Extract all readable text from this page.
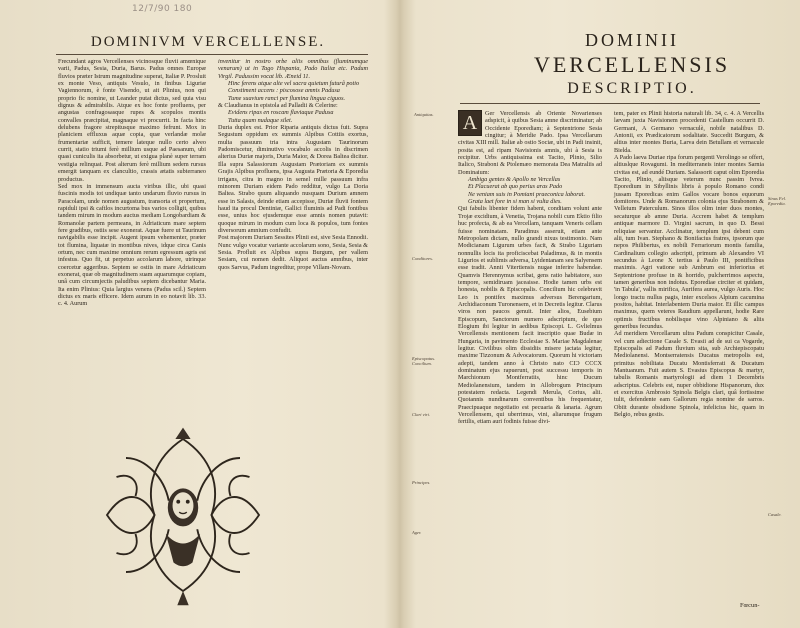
12/7/90 180
DOMINIVM VERCELLENSE.

Frecundant agros Vercellenses vicinosque fluvii amœnique varii, Padus, Sesia, Duria, Barus. Padus omnes Europæ fluvios præter Istrum magnitudine superat, Italiæ P. Prosluit ex monte Veso, antiquis Vesulo, in finibus Liguriæ Vagiennorum, è fonte Visendo, ut ait Plinius, non qui proprio fic nomine, ut Leander putat dictus, sed quia visu dignus & admirabilis. Atque ex hoc fonte profluens, per angustas confragosasque rupes & scopulos montis convalles præcipitat, magnaque vi procurrit. In facta hinc delubens fragore strepitusque maximo fefrunt. Mox in planiciem effluxus aquæ copia, quæ verlandæ molæ frumentariæ sufficit, temere lateque nullo certo alveo currit, statio triumi ferè millium usque ad Paesanum, ubi quasi cuniculis ita absorbetur, ut exigua planè super terram vestigia relinquat. Post alterum ferè millium sedem rursus emergit tanquam ex clancultio, crassis ætatis subterraneo productus.

Sed mox in immensum aucta viribus illic, ubi quasi fuscinis modis tot undiquæ tanto undarum fluvio rursus in Paracolam, unde nomen augustum, transorta et propertum, rapiduli ipsi & caftlos incurtoma bus varios colligit, quibus tandem mirum in modum auctus mediam Longobardiam & Romanolæ partem permeans, in Adriaticum mare septem fere gradibus, ostiis sese exonerat. Aquæ fuere ut Taurinum navigabilis esse incipit. Augent ipsum vehementer, præter tot flumina, liquatæ in montibus nives, idque circa Canis ortum, nec cum maxime omnium rerum egressum agris est infestus. Quo fit, ut perpetuo accolarum labore, utrinque coercetur aggeribus. Septem se ostiis in mare Adriaticum exonerat, quæ ob magnitudinem suam aquarumque copiam, unâ cum circumjectis paludibus septem dicebantur Maria. Ita enim Plinius: Quia largius venens (Padus scil.) Septem dictus ex maris efficere. Idem aurum in eo notavit lib. 33. c. 4. Aurum

invenitur in nostro orbe aliis omnibus (fluminumque venarum) ut in Tago Hispania, Pado Italiæ etc. Padum Virgil. Padussim vocat lib. Æneid 11.

Hinc ferens atque alte vel sacra quietum futurâ potio
Constiment accens : piscosose amnis Padusa
Tume suavium ranci per flumina lingua ciguos.

& Claudianus in epistola ad Palladii & Celerine:

Evidens ripas en roscam flaviaque Padusa
Tutta quam nudaque silet.

Duria duplex est. Prior Riparia antiquis dictus fuit. Supra Segustum oppidum ex summis Alpibus Cottiis exortus, multa passuum tria intra Augustam Taurinorum Padomiscetur, diminutivo vocabulo accolis in discrimen alterius Duriæ majoris, Duria Maior, & Dorea Baltea dicitur. Illa supra Salassiorum Augustam Prætoriam ex summis Grajis Alpibus profluens, ipsa Augusta Prætoria & Eporedia irrigans, citra in magno in semel mille passuum infra minorem Duriam eidem Pado redditur, vulgo La Doria Baltea. Strabo quum aliquando nusquam Durium amnem esse in Salasis, deinde etiam accepisse, Duriæ fluvii fontem haud ita procul Dentiniæ, Gallici fluminis ad Padi fontibus esse, unius hoc ejusdemque esse amnis nomen putavit: quoque mirum in modum cum loca & populos, tum fontes diversorum amnium confudit.

Post majorem Duriam Sessites Plinii est, sive Sesia Ennodii. Nunc vulgo vocatur variante accolarum sono, Sesia, Sesia & Sesia. Profluit ex Alpibus supra Burgum, per vallem Sesiam, cui nomen dedit. Aliquot auctus amnibus, inter quos Sarvus, Padum ingreditur, prope Villam-Novam.

DOMINII
VERCELLENSIS
DESCRIPTIO.

A	Ger Vercellensis ab Oriente Novarienses adspicit, à quibus Sesia amne discriminatur; ab Occidente Eporediam; à Septentrione Sesia cingitur; à Meridie Pado. Ipsa Vercellarum civitas XIII mill. Italiæ ab ostio Sociæ, ubi in Padi insinit, posita est, ad ripam Navisionis amnis, ubi à Sesia is recipitur. Urbs antiquissima est Tacito, Plinio, Silio Italico, Straboni & Ptolemæo memorata Dea Matraliis ad Dominaium:

Ambiga gentes & Apollo ne Vercellas
Et Placuerat ab quo perius aras Pado
Ne veniam suis in Pomiani praeconica laborat.
Grata laet fore in si man si vulta dies.

Qui fabulis libenter fidem habent, conditam volunt ante Trojæ excidium, à Venetia, Trojana nobili cum Ektio filio huc profecta, & ab ea Vercellam, tanquam Veneris cellam fuisse nominatam. Paradinus asseruit, etiam ante Metropolam dictam, nullo grandi nixus testimonio. Nam Modicianam Ligurum urbes facit, & Strabo Liguriam nonnullis locis ita proficiscebat Paladimus, & in montis Ligurios et sublimis adversa, Lyidentanam seu Salyensem esse tradit. Annii Vitertiensis nugae inferire habendae. Quamvis Herennymus scribat, gens ratio habitatore, suo tempore, semidiruam jaceaisse. Hodie tamen urbs est honesta, nobilis & Episcopalis. Concilium hic celebravit Leo ix pontifex maximus adversus Berengarium, Archidiaconum Turonensem, et in Decretis legitur. Clarus viros non paucos genuit. Inter alios, Eusebium Episcopum, Sanctorum numero adscriptum, de quo Elogium ibi legitur in aedibus Episcopi. L. Gvlielmus Vercellensis mentionem facit inscriptio quae Budæ in Hungaria, in pavimento Ecclesiae S. Mariae Magdalenae legitur. Civilibus olim dissidiis misere jactata legitur, maxime Tizzonum & Advocatorum. Quorum hi victoriam adepti, tandem anno à Christo nato CIƆ CCCX dominatum ejus rapuerunt, post successu temporis in Marchionum Montferratiis, hinc Ducum Mediolanensium, tandem in Allobrogum Principum potestatem redacta. Legendi Merula, Corius, alii. Quotannis nundinarum conventibus his frequentatur, Praecipuaque negotiatio est pecuaria & lanaria. Agrum Vercellensem, qui uberrimus, vini, aliarumque frugum fertilis, etiam auri fodinis fuisse divi-

tem, pater ex Plinii historia naturali lib. 34, c. 4. A Vercellis lævam juxta Navisionem procedenti Castellum occurrit D. Germani, A Germano vernaculè, nobile natalibus D. Antonii, ex Prædicatorum sodalitate. Succedit Burgum, & altius inter montes Buria, Larva dein Betullam et vernacule Bielda.

A Pado laeva Duriae ripa forum pergenti Verolingo se offert, altiuslque Rovagumi. In mediterraneis inter montes Sarnia civitas est, ad eundé Duriam. Salassorit caput olim Eporedia Tacito, Plinio, aliisque veterum nunc passim Ivrea. Eporedium in Sibyllinis libris à populo Romano condi jussam Eporedicas enim Gallos vocare bonos equorum domitores. Unde & Romanorum colonia ejus Strabonem & Velleium Paterculum. Sinos illos olim inter duos montes, secaturque ab amne Duria. Accrem habet & templum antiquæ marmore D. Virgini sacrum, in quo D. Bessi reliquiae servantur. Acclinatur, templum ipsi debent cum alii, tum Ivan. Stephano & Bonifacius fratres, ipsorum que nepos Philibertus, ex nobili Ferrariorum montis familia, Cardinalium collegio adscripti, primum ab Alexandro VI secundus à Leone X tertius à Paulo III, pontificibus maximis. Agri vatione sub Ambrum est inferiorius et Septentrione profuse in & horrido, pulcherrimos aspectu, tamen generibus non indotus. Eporediae circiter et quidam, 'in Tabula', vallis mirifica, Aurifera aurea, vulgo Auris. Hoc longo tractu nullus pagis, inter excelsos Alpium cacumina positos, habitat. Interlabentem Duria maior. Et illic campus maximus, quem veteres Raudium appellarunt, hodie Rare optimis fructibus nobilisque vino Alpiniano & aliis generibus fecundus.

Ad meridiem Vercellarum ultra Padum conspicitur Casale, vel cum adiectione Casale S. Evasii ad de sui ca Vogarde, Episcopalis ad Padum fluvium sita, sub Archiepiscopatu Mediolanensi. Montserratensis Ducatus metropolis est, primitus nobilitata Ducatu Montisferrati & Ducatum Mantuanum. Fuit autem S. Evasius Episcopus & martyr, tabulis Romanis martyrologii ad diem 1 Decembris adscriptus. Celebris est, nuper obbidione Hispanorum, dux et exercitus Ambrosio Spinola Belgis clari, quâ fortissime tulit, defendente eam Gallorum regia nomine de sarros. Obiit durante obsidione Spinola, infelicius hic, quam in Belgio, rebus gestis.

Antiquitas.
Conditores.
Episcopatus. Concilium.
Clari viri.
Principes.
Ager.
Sinus Fel. Eporedia.
Casale.
Fœcun-
